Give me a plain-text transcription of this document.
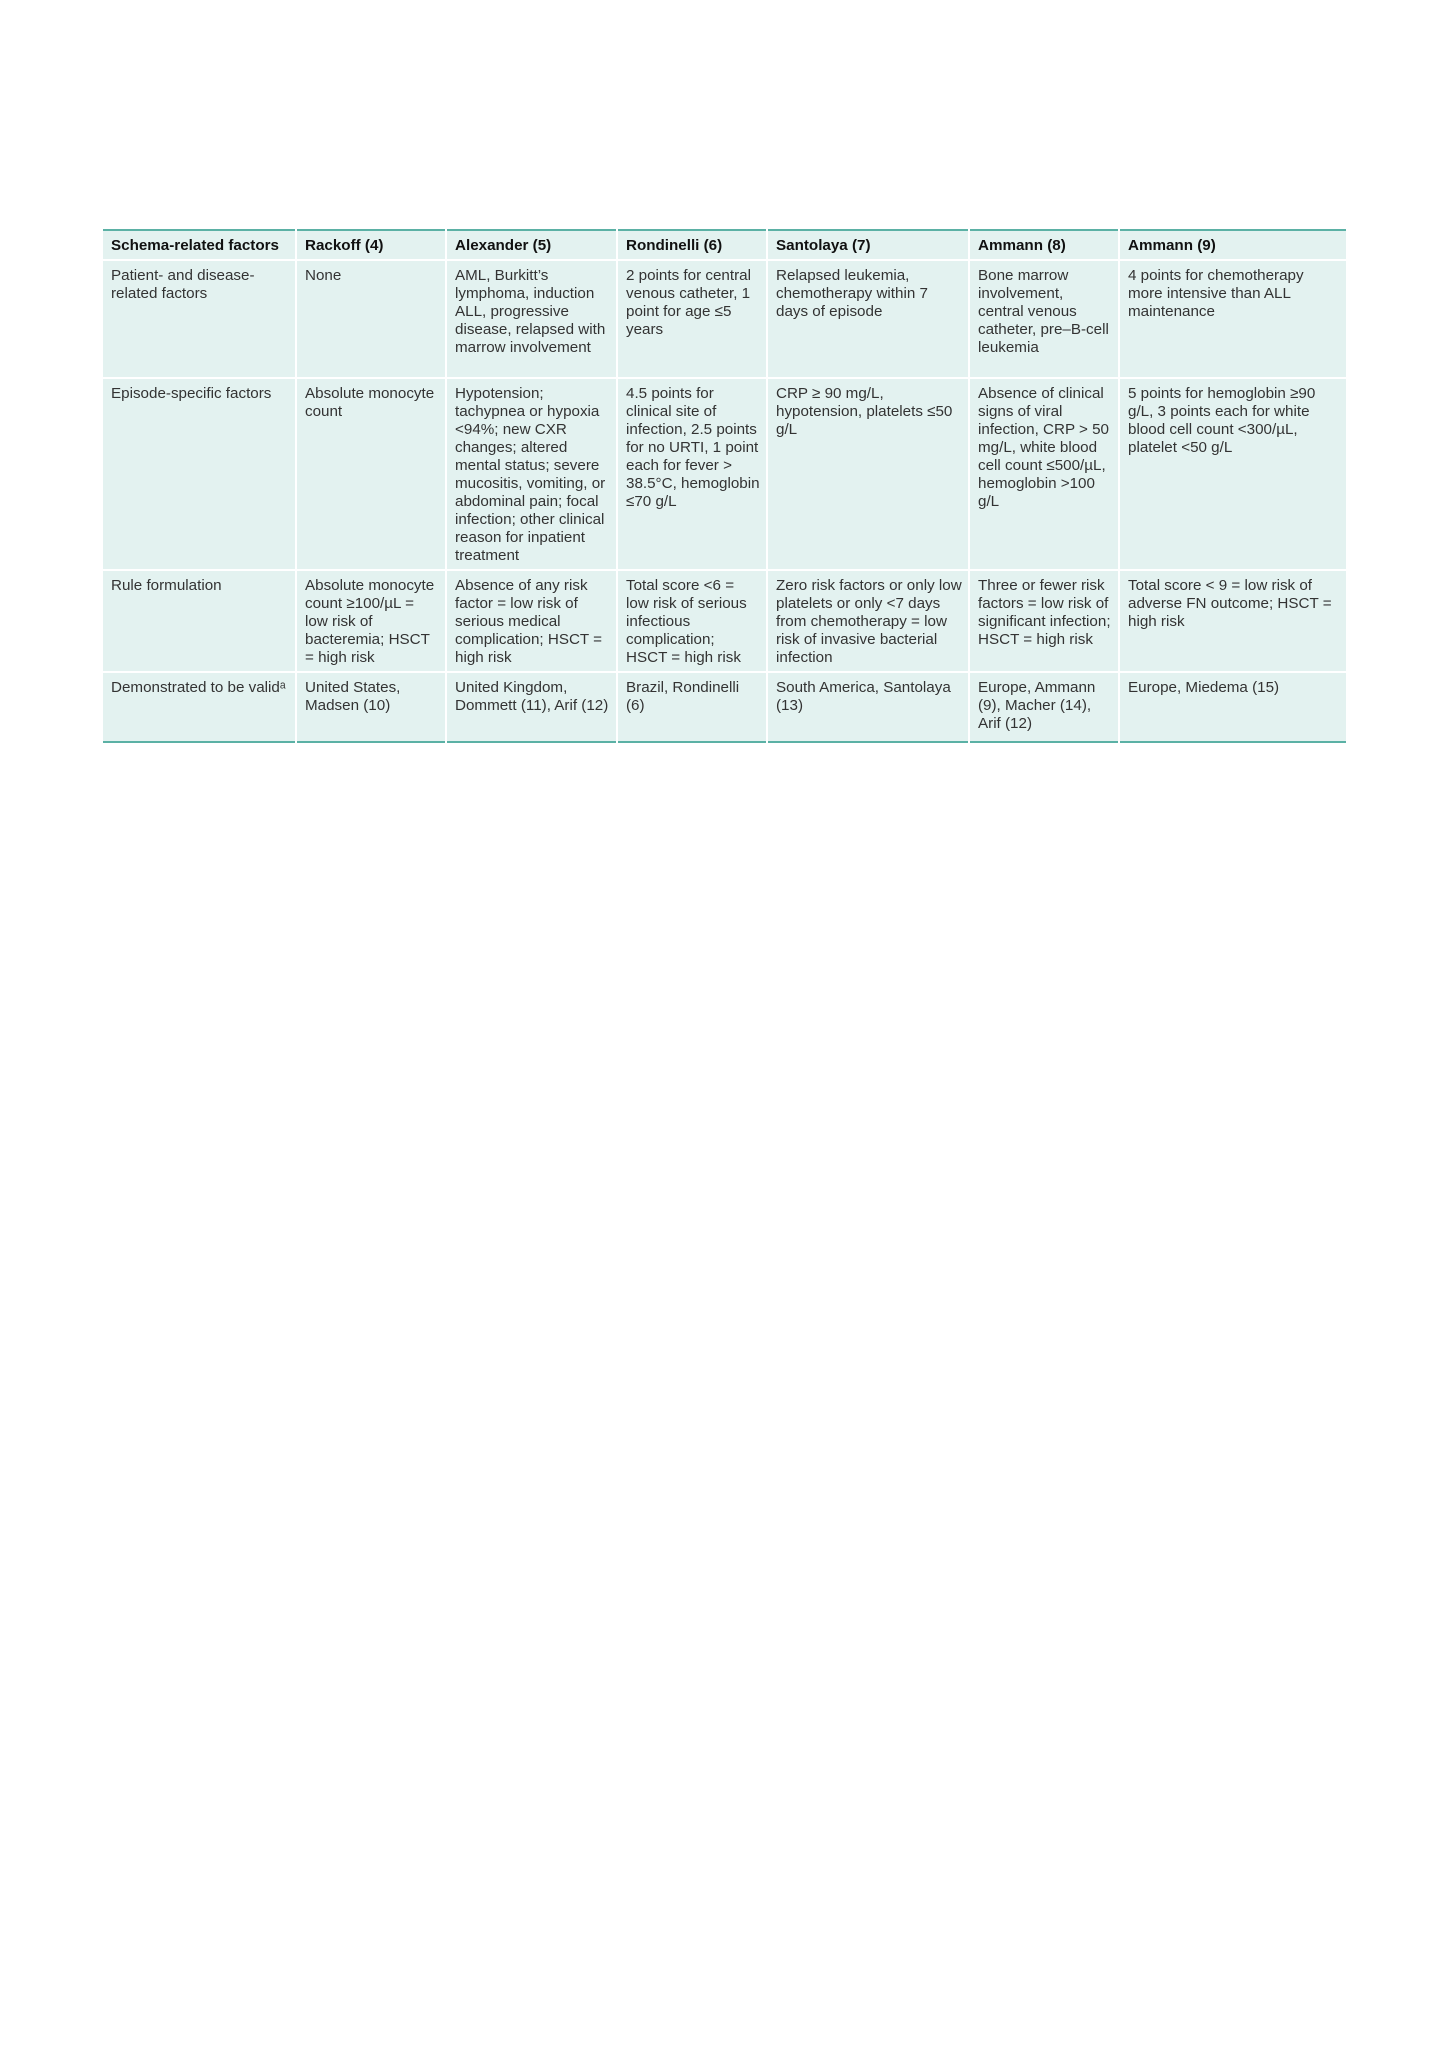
Schema-related factors	Rackoff (4)	Alexander (5)	Rondinelli (6)	Santolaya (7)	Ammann (8)	Ammann (9)
Patient- and disease-related factors	None	AML, Burkitt’s lymphoma, induction ALL, progressive disease, relapsed with marrow involvement	2 points for central venous catheter, 1 point for age ≤5 years	Relapsed leukemia, chemotherapy within 7 days of episode	Bone marrow involvement, central venous catheter, pre–B-cell leukemia	4 points for chemotherapy more intensive than ALL maintenance
Episode-specific factors	Absolute monocyte count	Hypotension; tachypnea or hypoxia <94%; new CXR changes; altered mental status; severe mucositis, vomiting, or abdominal pain; focal infection; other clinical reason for inpatient treatment	4.5 points for clinical site of infection, 2.5 points for no URTI, 1 point each for fever > 38.5°C, hemoglobin ≤70 g/L	CRP ≥ 90 mg/L, hypotension, platelets ≤50 g/L	Absence of clinical signs of viral infection, CRP > 50 mg/L, white blood cell count ≤500/µL, hemoglobin >100 g/L	5 points for hemoglobin ≥90 g/L, 3 points each for white blood cell count <300/µL, platelet <50 g/L
Rule formulation	Absolute monocyte count ≥100/µL = low risk of bacteremia; HSCT = high risk	Absence of any risk factor = low risk of serious medical complication; HSCT = high risk	Total score <6 = low risk of serious infectious complication; HSCT = high risk	Zero risk factors or only low platelets or only <7 days from chemotherapy = low risk of invasive bacterial infection	Three or fewer risk factors = low risk of significant infection; HSCT = high risk	Total score < 9 = low risk of adverse FN outcome; HSCT = high risk
Demonstrated to be validᵃ	United States, Madsen (10)	United Kingdom, Dommett (11), Arif (12)	Brazil, Rondinelli (6)	South America, Santolaya (13)	Europe, Ammann (9), Macher (14), Arif (12)	Europe, Miedema (15)
